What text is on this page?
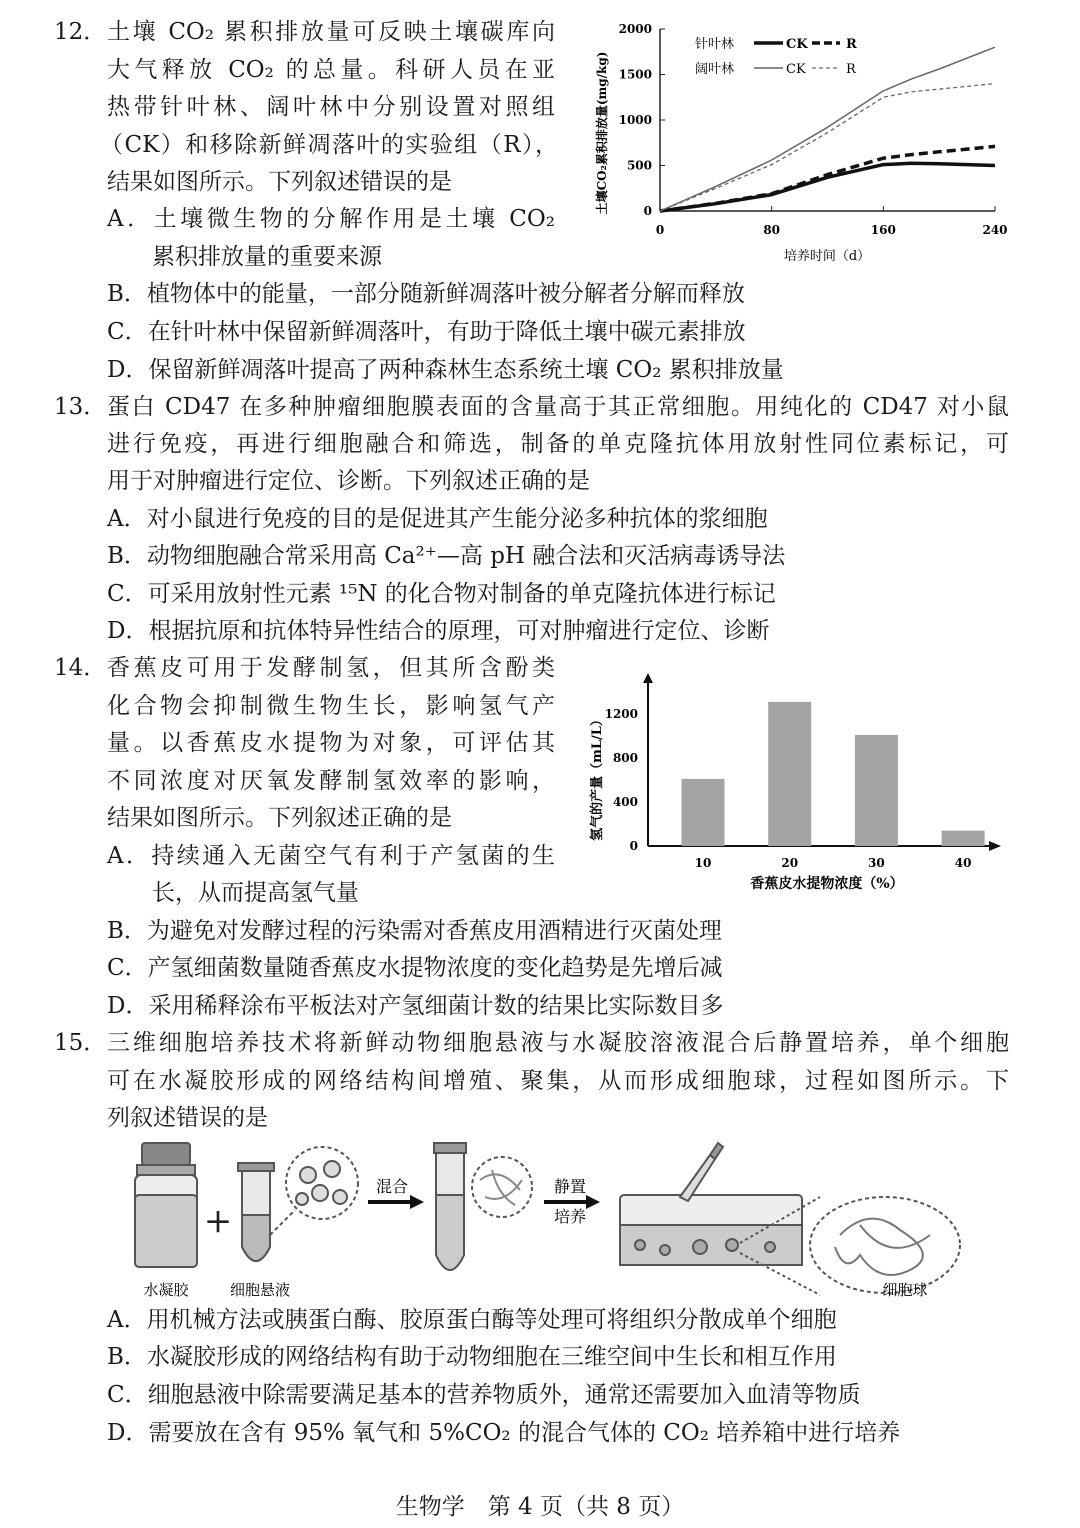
12． 土壤 CO₂ 累积排放量可反映土壤碳库向
大气释放 CO₂ 的总量。科研人员在亚
热带针叶林、阔叶林中分别设置对照组
（CK）和移除新鲜凋落叶的实验组（R），
结果如图所示。下列叙述错误的是
A．土壤微生物的分解作用是土壤 CO₂
累积排放量的重要来源
B．植物体中的能量，一部分随新鲜凋落叶被分解者分解而释放
C．在针叶林中保留新鲜凋落叶，有助于降低土壤中碳元素排放
D．保留新鲜凋落叶提高了两种森林生态系统土壤 CO₂ 累积排放量
0
500
1000
1500
2000
0	80	160	240
培养时间（d）
土壤CO₂累积排放量(mg/kg)
针叶林	CK	R
阔叶林	CK	R
13． 蛋白 CD47 在多种肿瘤细胞膜表面的含量高于其正常细胞。用纯化的 CD47 对小鼠
进行免疫，再进行细胞融合和筛选，制备的单克隆抗体用放射性同位素标记，可
用于对肿瘤进行定位、诊断。下列叙述正确的是
A．对小鼠进行免疫的目的是促进其产生能分泌多种抗体的浆细胞
B．动物细胞融合常采用高 Ca²⁺—高 pH 融合法和灭活病毒诱导法
C．可采用放射性元素 ¹⁵N 的化合物对制备的单克隆抗体进行标记
D．根据抗原和抗体特异性结合的原理，可对肿瘤进行定位、诊断
14． 香蕉皮可用于发酵制氢，但其所含酚类
化合物会抑制微生物生长，影响氢气产
量。以香蕉皮水提物为对象，可评估其
不同浓度对厌氧发酵制氢效率的影响，
结果如图所示。下列叙述正确的是
A．持续通入无菌空气有利于产氢菌的生
长，从而提高氢气量
B．为避免对发酵过程的污染需对香蕉皮用酒精进行灭菌处理
C．产氢细菌数量随香蕉皮水提物浓度的变化趋势是先增后减
D．采用稀释涂布平板法对产氢细菌计数的结果比实际数目多
0
400
800
1200
10	20	30	40
香蕉皮水提物浓度（%）
氢气的产量（mL/L）
15． 三维细胞培养技术将新鲜动物细胞悬液与水凝胶溶液混合后静置培养，单个细胞
可在水凝胶形成的网络结构间增殖、聚集，从而形成细胞球，过程如图所示。下
列叙述错误的是
+
混合	静置
培养
水凝胶	细胞悬液	细胞球
A．用机械方法或胰蛋白酶、胶原蛋白酶等处理可将组织分散成单个细胞
B．水凝胶形成的网络结构有助于动物细胞在三维空间中生长和相互作用
C．细胞悬液中除需要满足基本的营养物质外，通常还需要加入血清等物质
D．需要放在含有 95% 氧气和 5%CO₂ 的混合气体的 CO₂ 培养箱中进行培养
生物学　第 4 页（共 8 页）
